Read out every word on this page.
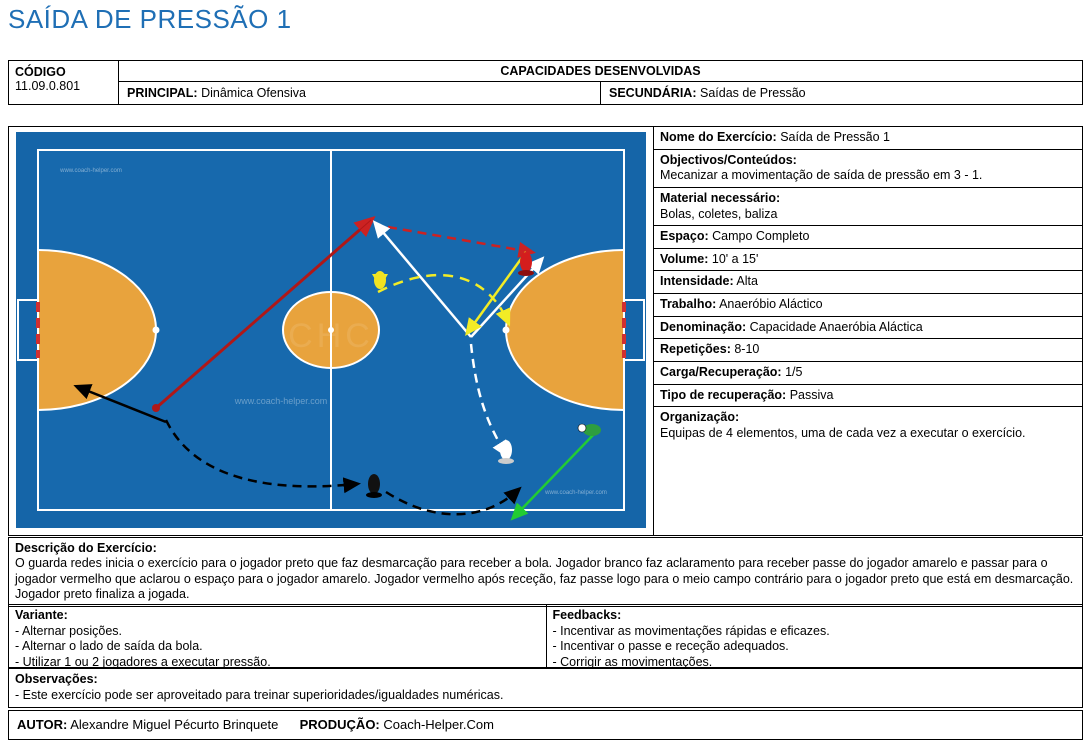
SAÍDA DE PRESSÃO 1
CÓDIGO
11.09.0.801
CAPACIDADES DESENVOLVIDAS
PRINCIPAL: Dinâmica Ofensiva	SECUNDÁRIA: Saídas de Pressão
CHC
www.coach-helper.com
www.coach-helper.com
www.coach-helper.com
Nome do Exercício: Saída de Pressão 1
Objectivos/Conteúdos:
Mecanizar a movimentação de saída de pressão em 3 - 1.
Material necessário:
Bolas, coletes, baliza
Espaço: Campo Completo
Volume: 10' a 15'
Intensidade: Alta
Trabalho: Anaeróbio Aláctico
Denominação: Capacidade Anaeróbia Aláctica
Repetições: 8-10
Carga/Recuperação: 1/5
Tipo de recuperação: Passiva
Organização:
Equipas de 4 elementos, uma de cada vez a executar o exercício.
Descrição do Exercício:
O guarda redes inicia o exercício para o jogador preto que faz desmarcação para receber a bola. Jogador branco faz aclaramento para receber passe do jogador amarelo e passar para o jogador vermelho que aclarou o espaço para o jogador amarelo. Jogador vermelho após receção, faz passe logo para o meio campo contrário para o jogador preto que está em desmarcação. Jogador preto finaliza a jogada.
Variante:
- Alternar posições.
- Alternar o lado de saída da bola.
- Utilizar 1 ou 2 jogadores a executar pressão.
Feedbacks:
- Incentivar as movimentações rápidas e eficazes.
- Incentivar o passe e receção adequados.
- Corrigir as movimentações.
Observações:
- Este exercício pode ser aproveitado para treinar superioridades/igualdades numéricas.
AUTOR: Alexandre Miguel Pécurto Brinquete PRODUÇÃO: Coach-Helper.Com
